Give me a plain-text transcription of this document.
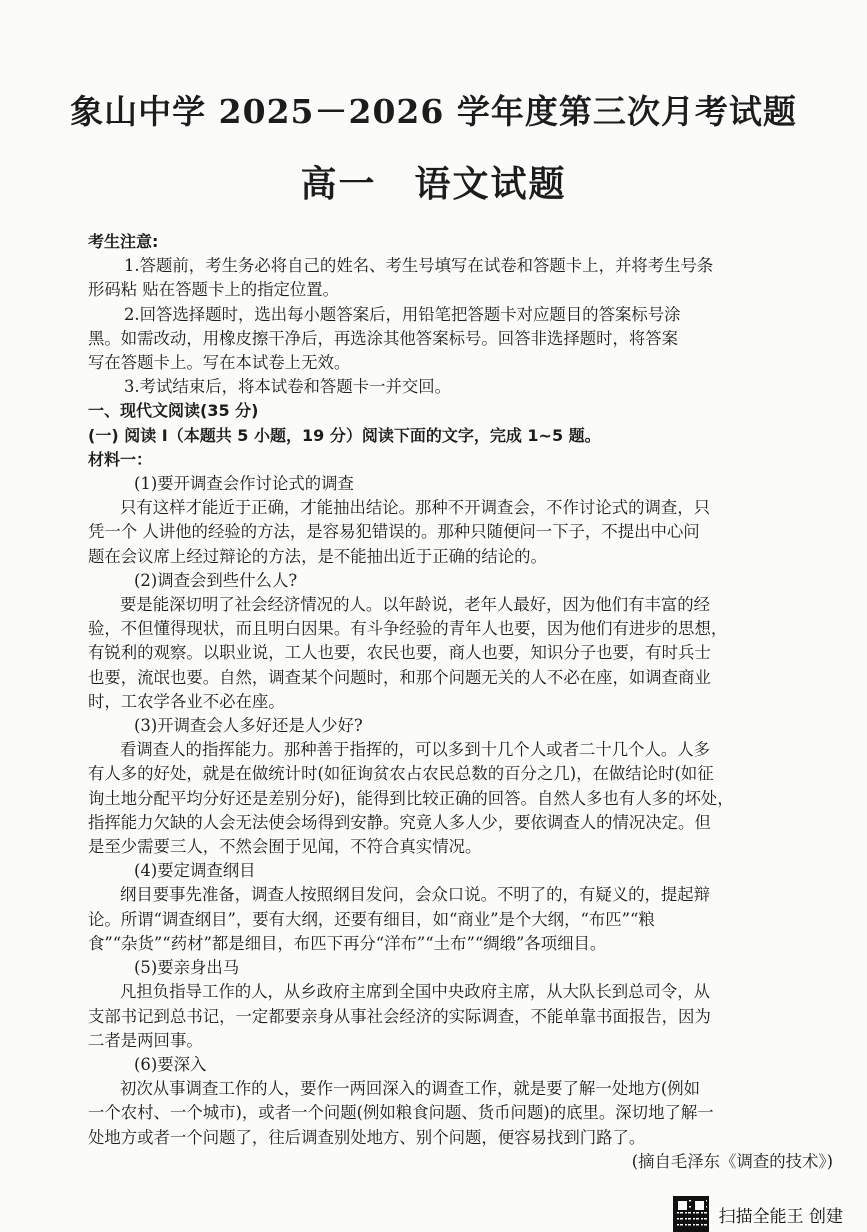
象山中学 2025－2026 学年度第三次月考试题
高一　语文试题
考生注意:
1.答题前，考生务必将自己的姓名、考生号填写在试卷和答题卡上，并将考生号条
形码粘 贴在答题卡上的指定位置。
2.回答选择题时，选出每小题答案后，用铅笔把答题卡对应题目的答案标号涂
黑。如需改动，用橡皮擦干净后，再选涂其他答案标号。回答非选择题时，将答案
写在答题卡上。写在本试卷上无效。
3.考试结束后，将本试卷和答题卡一并交回。
一、现代文阅读(35 分)
(一) 阅读 I（本题共 5 小题，19 分）阅读下面的文字，完成 1~5 题。
材料一：
(1)要开调查会作讨论式的调查
只有这样才能近于正确，才能抽出结论。那种不开调查会，不作讨论式的调查，只
凭一个 人讲他的经验的方法，是容易犯错误的。那种只随便问一下子，不提出中心问
题在会议席上经过辩论的方法，是不能抽出近于正确的结论的。
(2)调查会到些什么人?
要是能深切明了社会经济情况的人。以年龄说，老年人最好，因为他们有丰富的经
验，不但懂得现状，而且明白因果。有斗争经验的青年人也要，因为他们有进步的思想，
有锐利的观察。以职业说，工人也要，农民也要，商人也要，知识分子也要，有时兵士
也要，流氓也要。自然，调查某个问题时，和那个问题无关的人不必在座，如调查商业
时，工农学各业不必在座。
(3)开调查会人多好还是人少好?
看调查人的指挥能力。那种善于指挥的，可以多到十几个人或者二十几个人。人多
有人多的好处，就是在做统计时(如征询贫农占农民总数的百分之几)，在做结论时(如征
询土地分配平均分好还是差别分好)，能得到比较正确的回答。自然人多也有人多的坏处，
指挥能力欠缺的人会无法使会场得到安静。究竟人多人少，要依调查人的情况决定。但
是至少需要三人，不然会囿于见闻，不符合真实情况。
(4)要定调查纲目
纲目要事先准备，调查人按照纲目发问，会众口说。不明了的，有疑义的，提起辩
论。所谓“调查纲目”，要有大纲，还要有细目，如“商业”是个大纲，“布匹”“粮
食”“杂货”“药材”都是细目，布匹下再分“洋布”“土布”“绸缎”各项细目。
(5)要亲身出马
凡担负指导工作的人，从乡政府主席到全国中央政府主席，从大队长到总司令，从
支部书记到总书记，一定都要亲身从事社会经济的实际调查，不能单靠书面报告，因为
二者是两回事。
(6)要深入
初次从事调查工作的人，要作一两回深入的调查工作，就是要了解一处地方(例如
一个农村、一个城市)，或者一个问题(例如粮食问题、货币问题)的底里。深切地了解一
处地方或者一个问题了，往后调查别处地方、别个问题，便容易找到门路了。
(摘自毛泽东《调查的技术》)
扫描全能王 创建
